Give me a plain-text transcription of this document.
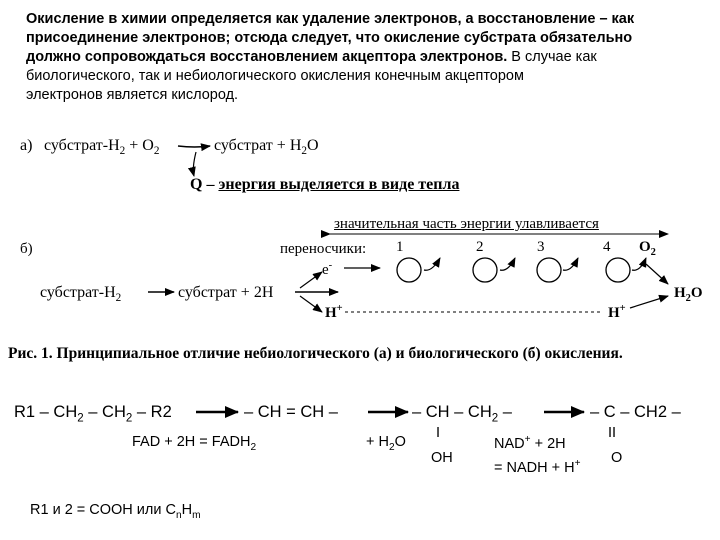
Окисление в химии определяется как удаление электронов, а восстановление – как
присоединение электронов; отсюда следует, что окисление субстрата обязательно
должно сопровождаться восстановлением акцептора электронов. В случае как
биологического, так и небиологического окисления конечным акцептором
электронов является кислород.
а) субстрат-$H_2 + O_2$	субстрат + $H_2O$
Q – энергия выделяется в виде тепла
б)
значительная часть энергии улавливается
переносчики: 1	2	3	4 $O_2$
e-
субстрат-$H_2$	субстрат + 2H
H+	H+
$H_2O$
Рис. 1. Принципиальное отличие небиологического (а) и биологического (б) окисления.
$R1 - CH_2 - CH_2 - R2$	– CH = CH –	– CH – $CH_2$ –	– C – CH2 –
FAD + $2H = FADH_2$	+ $H_2O$
I
OH
NAD+ + 2H
= NADH + H+
II
O
R1 и 2 = COOH или $C_nH_m$
